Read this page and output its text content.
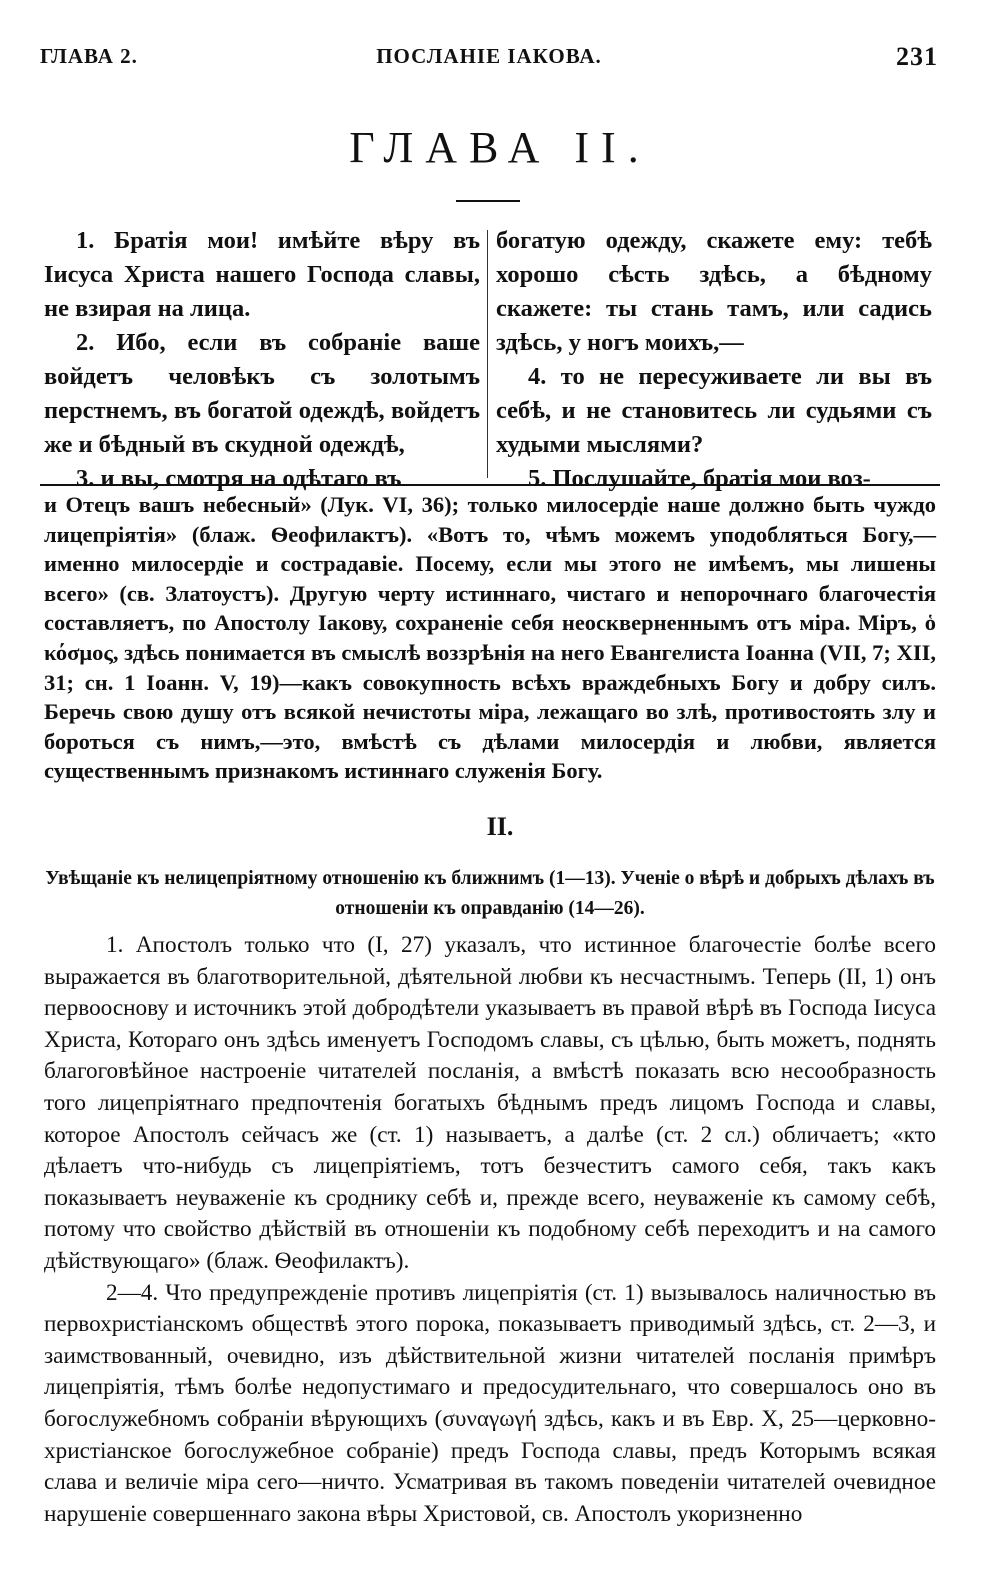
ГЛАВА 2.	ПОСЛАНІЕ ІАКОВА.	231
ГЛАВА II.

1. Братія мои! имѣйте вѣру въ Іисуса Христа нашего Господа славы, не взирая на лица.

2. Ибо, если въ собраніе ваше войдетъ человѣкъ съ золотымъ перстнемъ, въ богатой одеждѣ, войдетъ же и бѣдный въ скудной одеждѣ,

3. и вы, смотря на одѣтаго въ

богатую одежду, скажете ему: тебѣ хорошо сѣсть здѣсь, а бѣдному скажете: ты стань тамъ, или садись здѣсь, у ногъ моихъ,—

4. то не пересуживаете ли вы въ себѣ, и не становитесь ли судьями съ худыми мыслями?

5. Послушайте, братія мои воз-

и Отецъ вашъ небесный» (Лук. VI, 36); только милосердіе наше должно быть чуждо лицепріятія» (блаж. Ѳеофилактъ). «Вотъ то, чѣмъ можемъ уподобляться Богу,—именно милосердіе и сострадавіе. Посему, если мы этого не имѣемъ, мы лишены всего» (св. Златоустъ). Другую черту истиннаго, чистаго и непорочнаго благочестія составляетъ, по Апостолу Іакову, сохраненіе себя неоскверненнымъ отъ міра. Міръ, ὁ κόσμος, здѣсь понимается въ смыслѣ воззрѣнія на него Евангелиста Іоанна (VII, 7; XII, 31; сн. 1 Іоанн. V, 19)—какъ совокупность всѣхъ враждебныхъ Богу и добру силъ. Беречь свою душу отъ всякой нечистоты міра, лежащаго во злѣ, противостоять злу и бороться съ нимъ,—это, вмѣстѣ съ дѣлами милосердія и любви, является существеннымъ признакомъ истиннаго служенія Богу.

II.
Увѣщаніе къ нелицепріятному отношенію къ ближнимъ (1—13). Ученіе о вѣрѣ и добрыхъ дѣлахъ въ отношеніи къ оправданію (14—26).

1. Апостолъ только что (I, 27) указалъ, что истинное благочестіе болѣе всего выражается въ благотворительной, дѣятельной любви къ несчастнымъ. Теперь (II, 1) онъ первооснову и источникъ этой добродѣтели указываетъ въ правой вѣрѣ въ Господа Іисуса Христа, Котораго онъ здѣсь именуетъ Господомъ славы, съ цѣлью, быть можетъ, поднять благоговѣйное настроеніе читателей посланія, а вмѣстѣ показать всю несообразность того лицепріятнаго предпочтенія богатыхъ бѣднымъ предъ лицомъ Господа и славы, которое Апостолъ сейчасъ же (ст. 1) называетъ, а далѣе (ст. 2 сл.) обличаетъ; «кто дѣлаетъ что-нибудь съ лицепріятіемъ, тотъ безчеститъ самого себя, такъ какъ показываетъ неуваженіе къ сроднику себѣ и, прежде всего, неуваженіе къ самому себѣ, потому что свойство дѣйствій въ отношеніи къ подобному себѣ переходитъ и на самого дѣйствующаго» (блаж. Ѳеофилактъ).

2—4. Что предупрежденіе противъ лицепріятія (ст. 1) вызывалось наличностью въ первохристіанскомъ обществѣ этого порока, показываетъ приводимый здѣсь, ст. 2—3, и заимствованный, очевидно, изъ дѣйствительной жизни читателей посланія примѣръ лицепріятія, тѣмъ болѣе недопустимаго и предосудительнаго, что совершалось оно въ богослужебномъ собраніи вѣрующихъ (συναγωγή здѣсь, какъ и въ Евр. X, 25—церковно-христіанское богослужебное собраніе) предъ Господа славы, предъ Которымъ всякая слава и величіе міра сего—ничто. Усматривая въ такомъ поведеніи читателей очевидное нарушеніе совершеннаго закона вѣры Христовой, св. Апостолъ укоризненно
